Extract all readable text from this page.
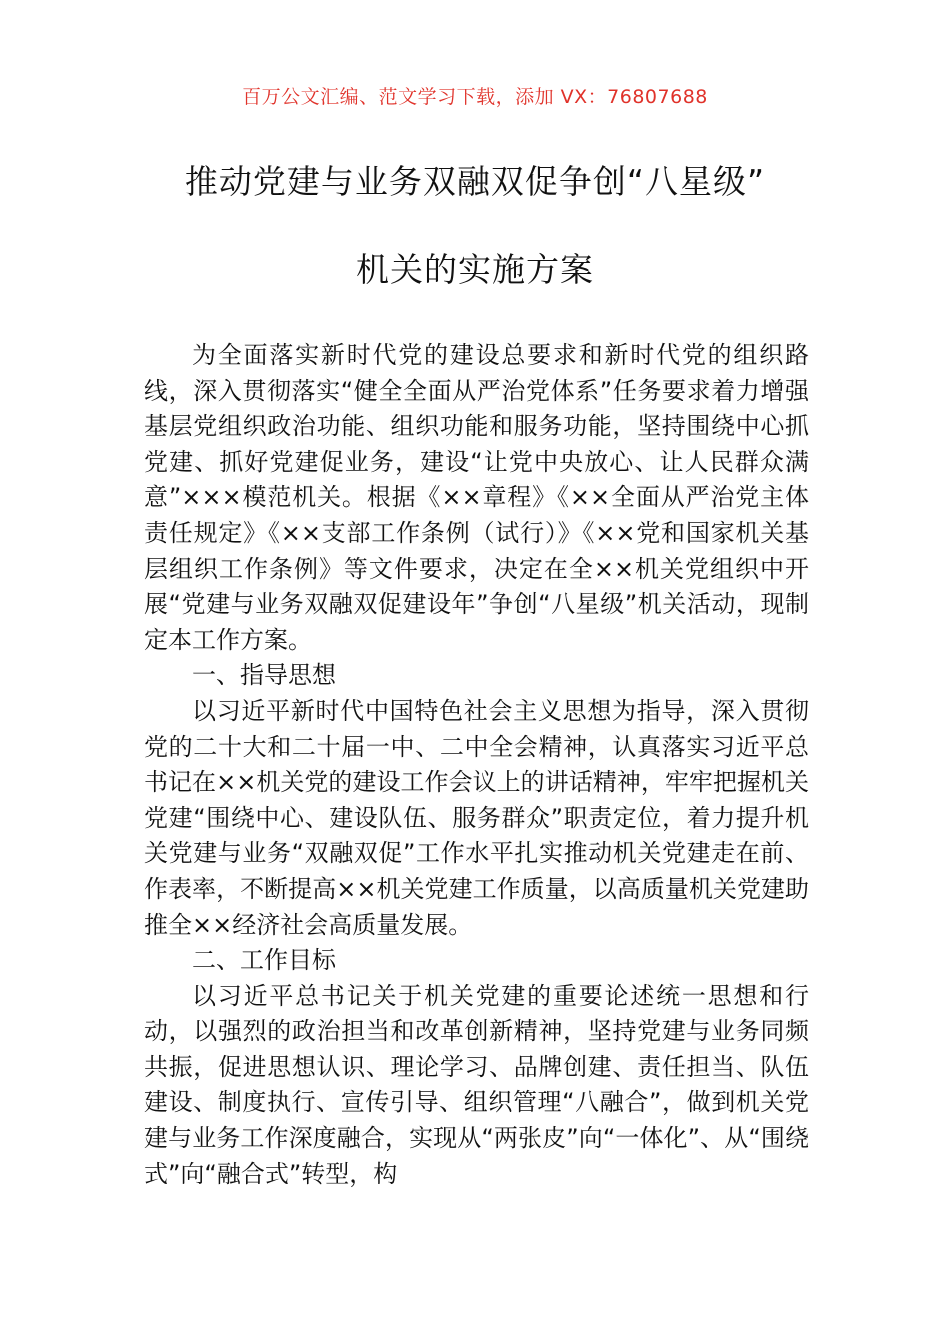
百万公文汇编、范文学习下载，添加 VX：76807688
推动党建与业务双融双促争创“八星级”
机关的实施方案

为全面落实新时代党的建设总要求和新时代党的组织路线，深入贯彻落实“健全全面从严治党体系”任务要求着力增强基层党组织政治功能、组织功能和服务功能，坚持围绕中心抓党建、抓好党建促业务，建设“让党中央放心、让人民群众满意”×××模范机关。根据《××章程》《××全面从严治党主体责任规定》《××支部工作条例（试行）》《××党和国家机关基层组织工作条例》等文件要求，决定在全××机关党组织中开展“党建与业务双融双促建设年”争创“八星级”机关活动，现制定本工作方案。

一、指导思想

以习近平新时代中国特色社会主义思想为指导，深入贯彻党的二十大和二十届一中、二中全会精神，认真落实习近平总书记在××机关党的建设工作会议上的讲话精神，牢牢把握机关党建“围绕中心、建设队伍、服务群众”职责定位，着力提升机关党建与业务“双融双促”工作水平扎实推动机关党建走在前、作表率，不断提高××机关党建工作质量，以高质量机关党建助推全××经济社会高质量发展。

二、工作目标

以习近平总书记关于机关党建的重要论述统一思想和行动，以强烈的政治担当和改革创新精神，坚持党建与业务同频共振，促进思想认识、理论学习、品牌创建、责任担当、队伍建设、制度执行、宣传引导、组织管理“八融合”，做到机关党建与业务工作深度融合，实现从“两张皮”向“一体化”、从“围绕式”向“融合式”转型，构
